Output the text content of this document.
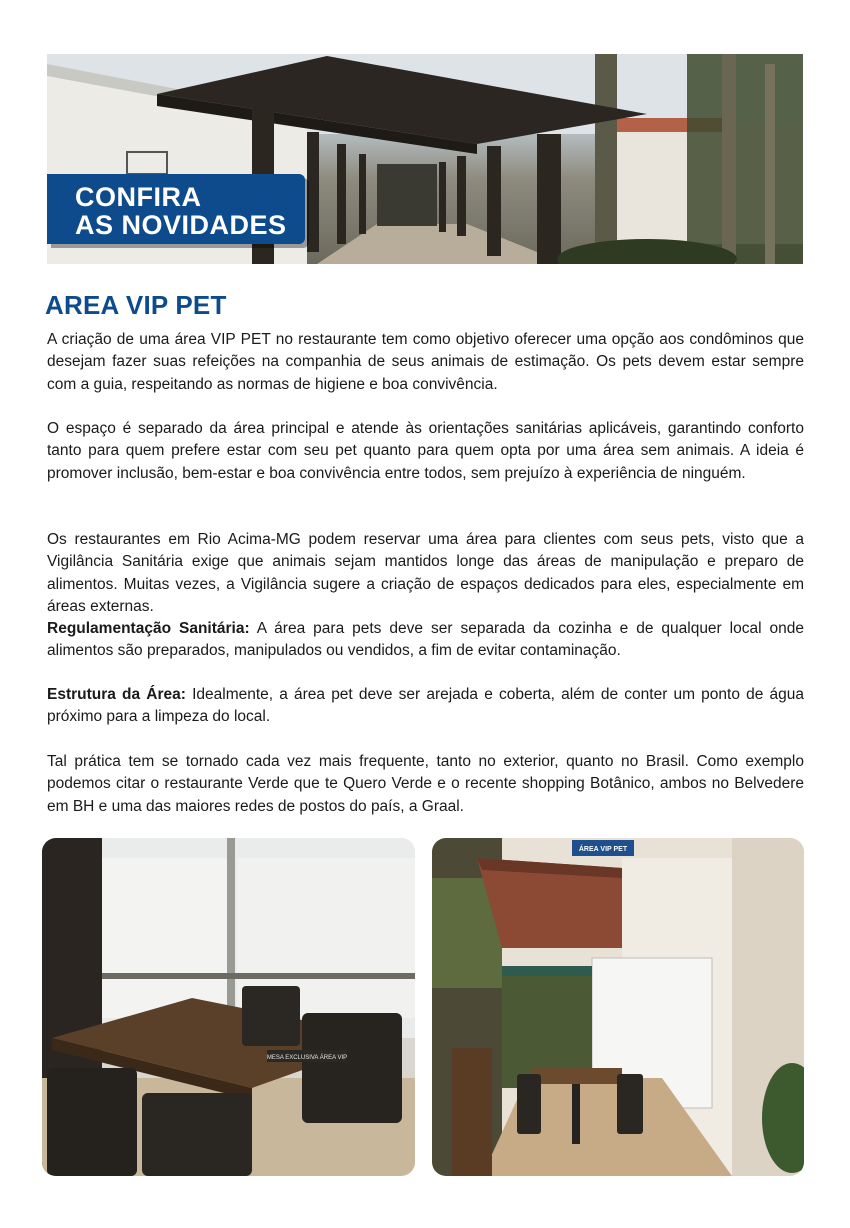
CONFIRA
AS NOVIDADES
AREA VIP PET

A criação de uma área VIP PET no restaurante tem como objetivo oferecer uma opção aos condôminos que desejam fazer suas refeições na companhia de seus animais de estimação. Os pets devem estar sempre com a guia, respeitando as normas de higiene e boa convivência.

O espaço é separado da área principal e atende às orientações sanitárias aplicáveis, garantindo conforto tanto para quem prefere estar com seu pet quanto para quem opta por uma área sem animais. A ideia é promover inclusão, bem-estar e boa convivência entre todos, sem prejuízo à experiência de ninguém.

Os restaurantes em Rio Acima-MG podem reservar uma área para clientes com seus pets, visto que a Vigilância Sanitária exige que animais sejam mantidos longe das áreas de manipulação e preparo de alimentos. Muitas vezes, a Vigilância sugere a criação de espaços dedicados para eles, especialmente em áreas externas.

Regulamentação Sanitária: A área para pets deve ser separada da cozinha e de qualquer local onde alimentos são preparados, manipulados ou vendidos, a fim de evitar contaminação.

Estrutura da Área: Idealmente, a área pet deve ser arejada e coberta, além de conter um ponto de água próximo para a limpeza do local.

Tal prática tem se tornado cada vez mais frequente, tanto no exterior, quanto no Brasil. Como exemplo podemos citar o restaurante Verde que te Quero Verde e o recente shopping Botânico, ambos no Belvedere em BH e uma das maiores redes de postos do país, a Graal.

MESA EXCLUSIVA ÁREA VIP
ÁREA VIP PET
